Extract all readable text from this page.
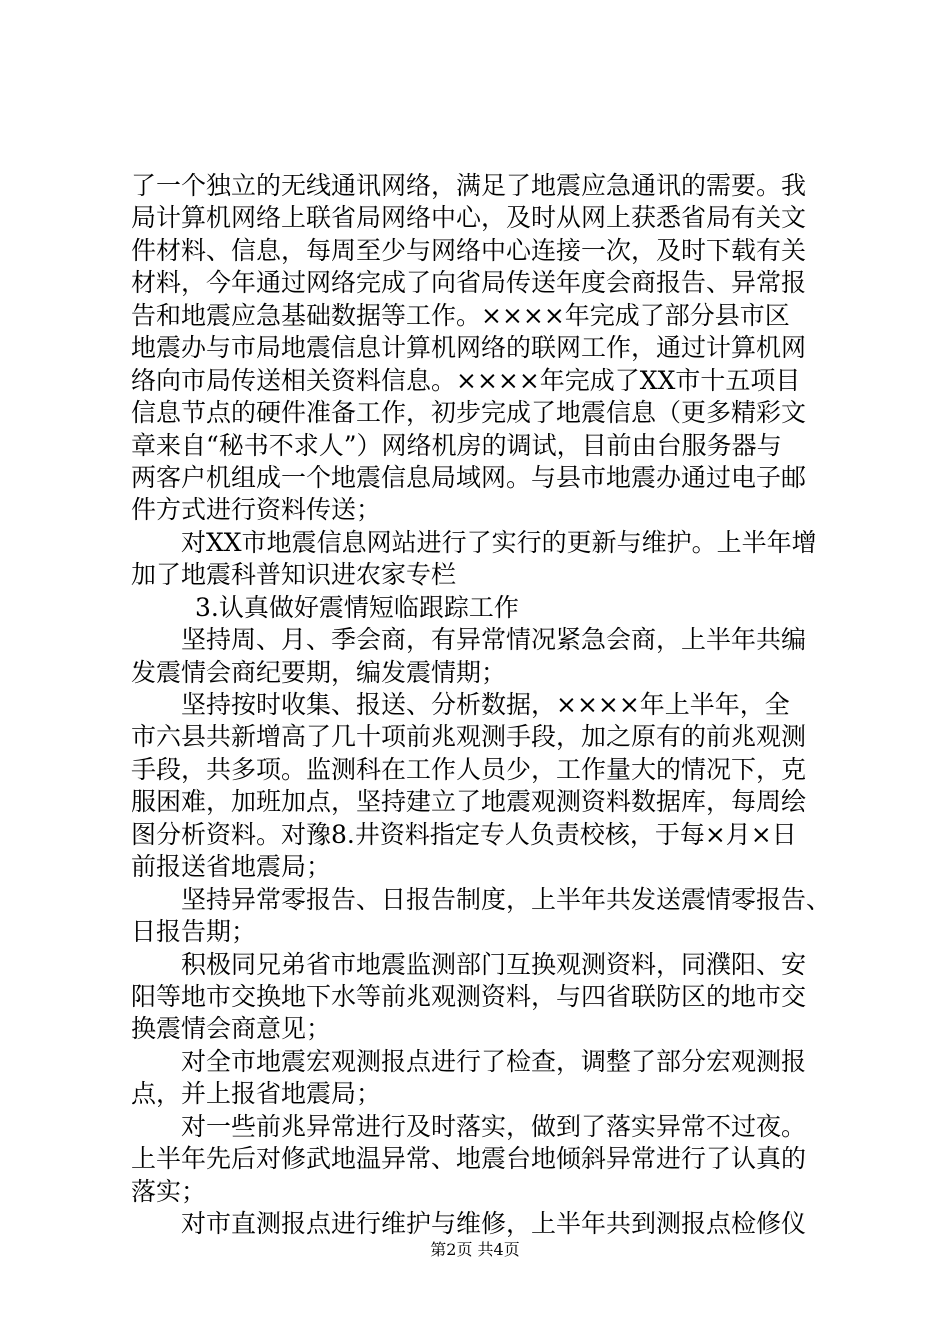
了一个独立的无线通讯网络，满足了地震应急通讯的需要。我
局计算机网络上联省局网络中心，及时从网上获悉省局有关文
件材料、信息，每周至少与网络中心连接一次，及时下载有关
材料，今年通过网络完成了向省局传送年度会商报告、异常报
告和地震应急基础数据等工作。××××年完成了部分县市区
地震办与市局地震信息计算机网络的联网工作，通过计算机网
络向市局传送相关资料信息。××××年完成了XX市十五项目
信息节点的硬件准备工作，初步完成了地震信息（更多精彩文
章来自“秘书不求人”）网络机房的调试，目前由台服务器与
两客户机组成一个地震信息局域网。与县市地震办通过电子邮
件方式进行资料传送；
对XX市地震信息网站进行了实行的更新与维护。上半年增
加了地震科普知识进农家专栏
3.认真做好震情短临跟踪工作
坚持周、月、季会商，有异常情况紧急会商，上半年共编
发震情会商纪要期，编发震情期；
坚持按时收集、报送、分析数据，××××年上半年，全
市六县共新增高了几十项前兆观测手段，加之原有的前兆观测
手段，共多项。监测科在工作人员少，工作量大的情况下，克
服困难，加班加点，坚持建立了地震观测资料数据库，每周绘
图分析资料。对豫8.井资料指定专人负责校核，于每×月×日
前报送省地震局；
坚持异常零报告、日报告制度，上半年共发送震情零报告、
日报告期；
积极同兄弟省市地震监测部门互换观测资料，同濮阳、安
阳等地市交换地下水等前兆观测资料，与四省联防区的地市交
换震情会商意见；
对全市地震宏观测报点进行了检查，调整了部分宏观测报
点，并上报省地震局；
对一些前兆异常进行及时落实，做到了落实异常不过夜。
上半年先后对修武地温异常、地震台地倾斜异常进行了认真的
落实；
对市直测报点进行维护与维修，上半年共到测报点检修仪
第2页 共4页
